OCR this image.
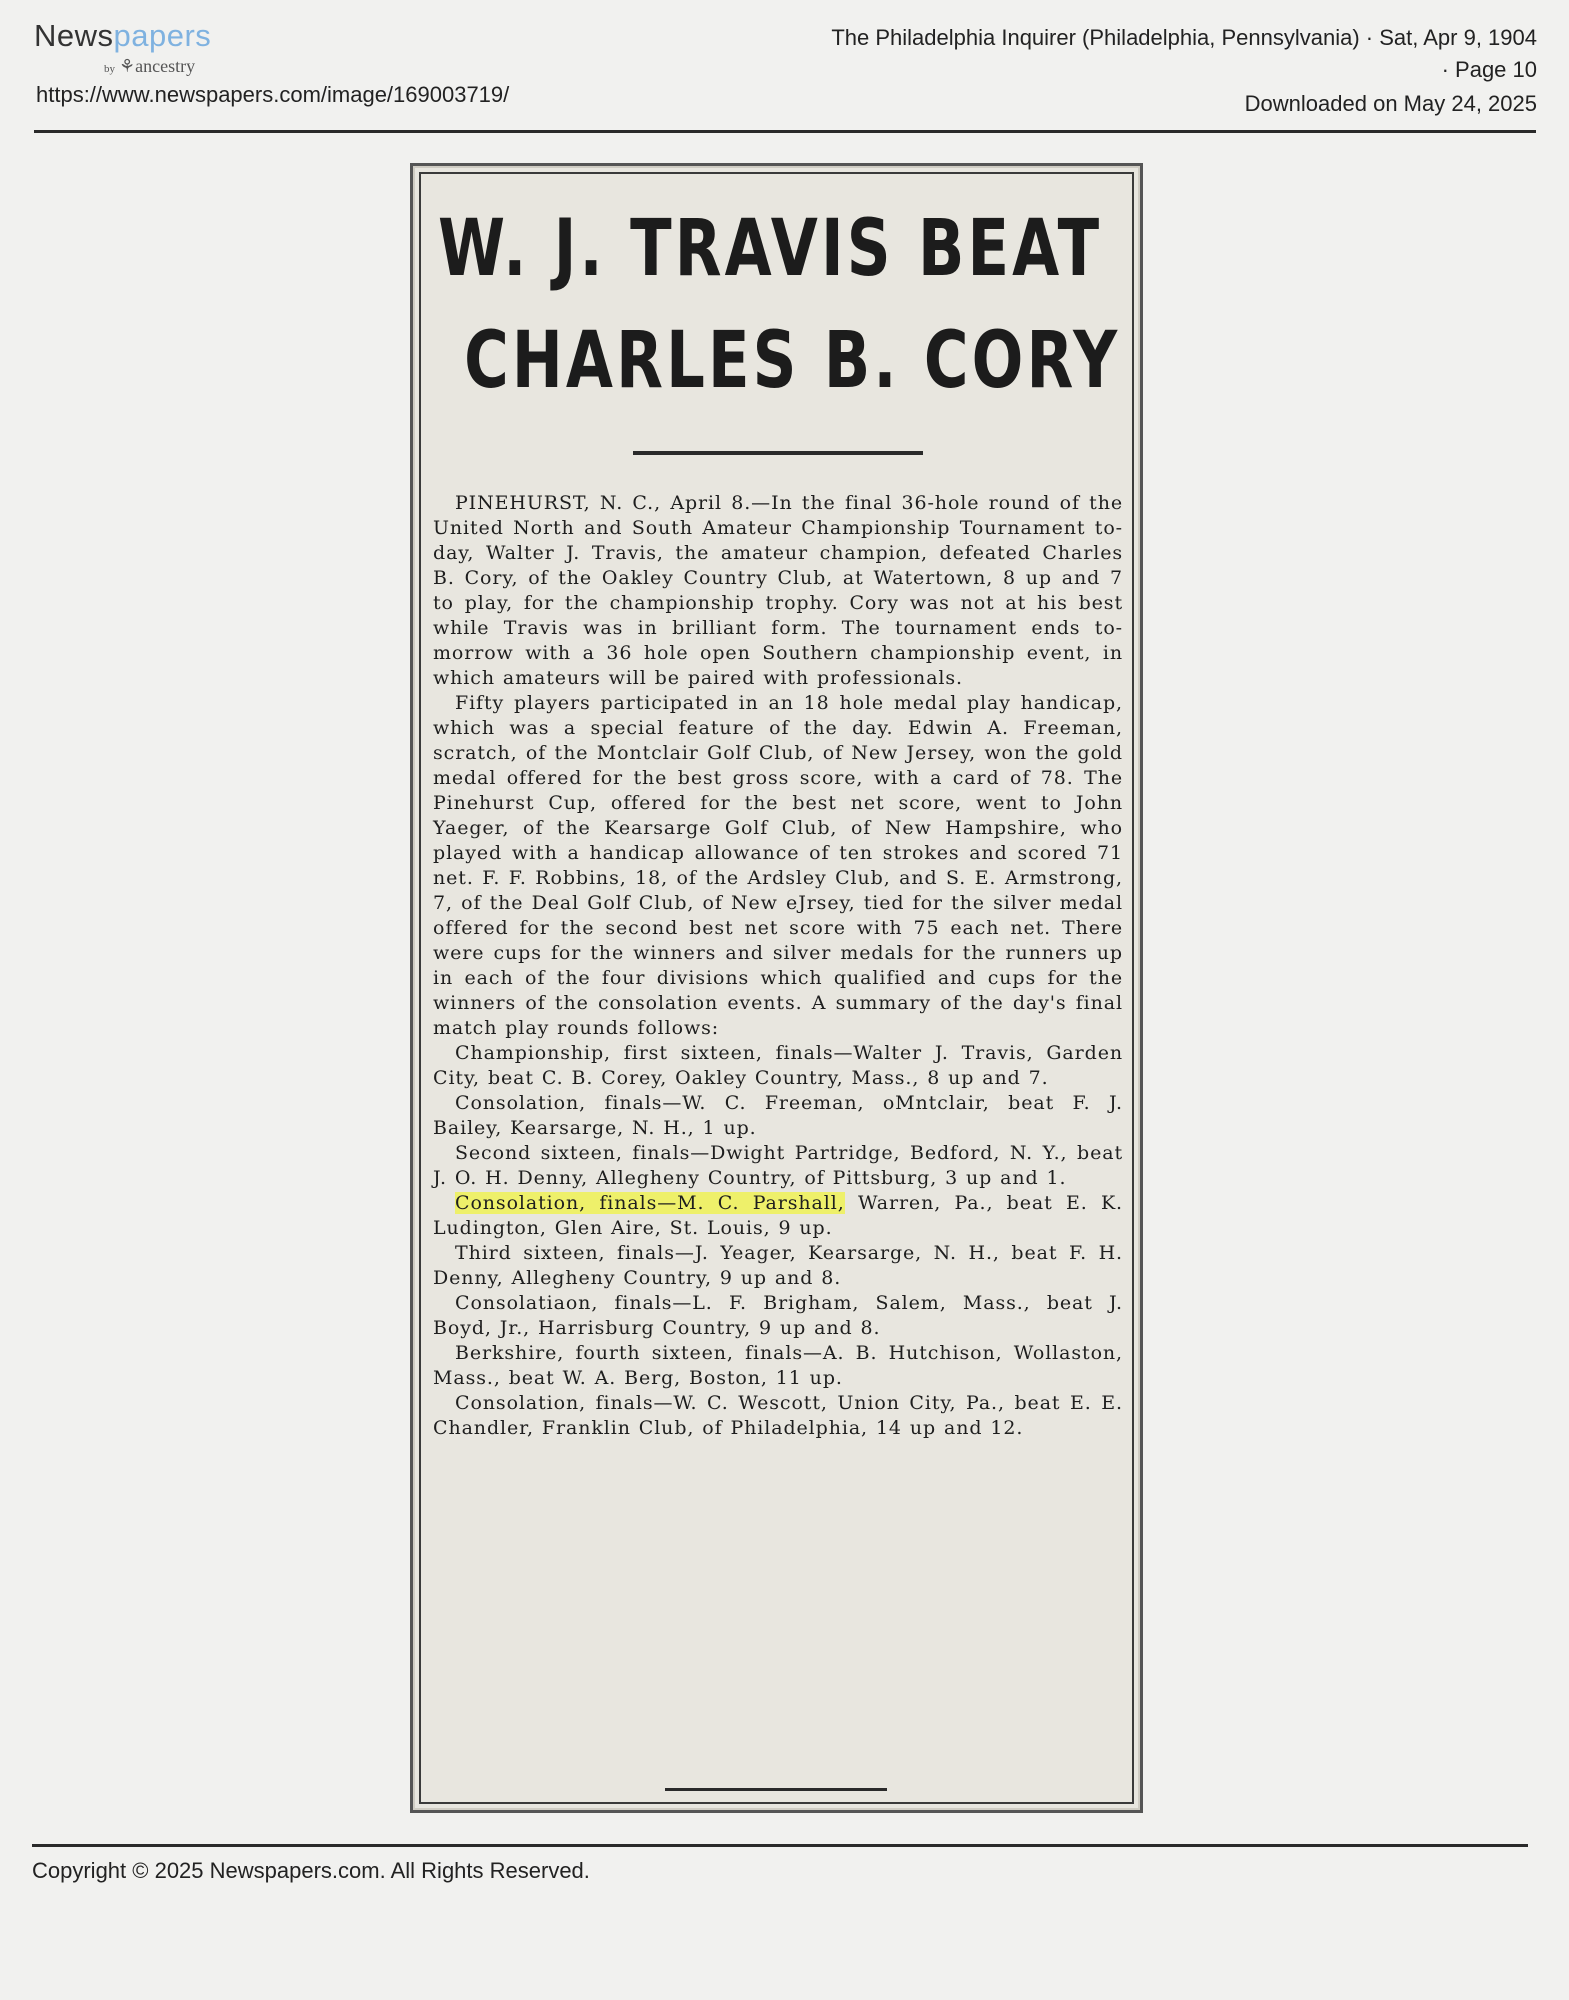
Newspapers
by ⚘ancestry
https://www.newspapers.com/image/169003719/
The Philadelphia Inquirer (Philadelphia, Pennsylvania) · Sat, Apr 9, 1904
· Page 10
Downloaded on May 24, 2025
W. J. TRAVIS BEAT
CHARLES B. CORY

PINEHURST, N. C., April 8.—In the final 36-hole round of the United North and South Amateur Championship Tournament to-day, Walter J. Travis, the amateur champion, defeated Charles B. Cory, of the Oakley Country Club, at Watertown, 8 up and 7 to play, for the championship trophy. Cory was not at his best while Travis was in brilliant form. The tournament ends to-morrow with a 36 hole open Southern championship event, in which amateurs will be paired with professionals.

Fifty players participated in an 18 hole medal play handicap, which was a special feature of the day. Edwin A. Freeman, scratch, of the Montclair Golf Club, of New Jersey, won the gold medal offered for the best gross score, with a card of 78. The Pinehurst Cup, offered for the best net score, went to John Yaeger, of the Kearsarge Golf Club, of New Hampshire, who played with a handicap allowance of ten strokes and scored 71 net. F. F. Robbins, 18, of the Ardsley Club, and S. E. Armstrong, 7, of the Deal Golf Club, of New eJrsey, tied for the silver medal offered for the second best net score with 75 each net. There were cups for the winners and silver medals for the runners up in each of the four divisions which qualified and cups for the winners of the consolation events. A summary of the day's final match play rounds follows:

Championship, first sixteen, finals—Walter J. Travis, Garden City, beat C. B. Corey, Oakley Country, Mass., 8 up and 7.

Consolation, finals—W. C. Freeman, oMntclair, beat F. J. Bailey, Kearsarge, N. H., 1 up.

Second sixteen, finals—Dwight Partridge, Bedford, N. Y., beat J. O. H. Denny, Allegheny Country, of Pittsburg, 3 up and 1.

Consolation, finals—M. C. Parshall, Warren, Pa., beat E. K. Ludington, Glen Aire, St. Louis, 9 up.

Third sixteen, finals—J. Yeager, Kearsarge, N. H., beat F. H. Denny, Allegheny Country, 9 up and 8.

Consolatiaon, finals—L. F. Brigham, Salem, Mass., beat J. Boyd, Jr., Harrisburg Country, 9 up and 8.

Berkshire, fourth sixteen, finals—A. B. Hutchison, Wollaston, Mass., beat W. A. Berg, Boston, 11 up.

Consolation, finals—W. C. Wescott, Union City, Pa., beat E. E. Chandler, Franklin Club, of Philadelphia, 14 up and 12.

Copyright © 2025 Newspapers.com. All Rights Reserved.
